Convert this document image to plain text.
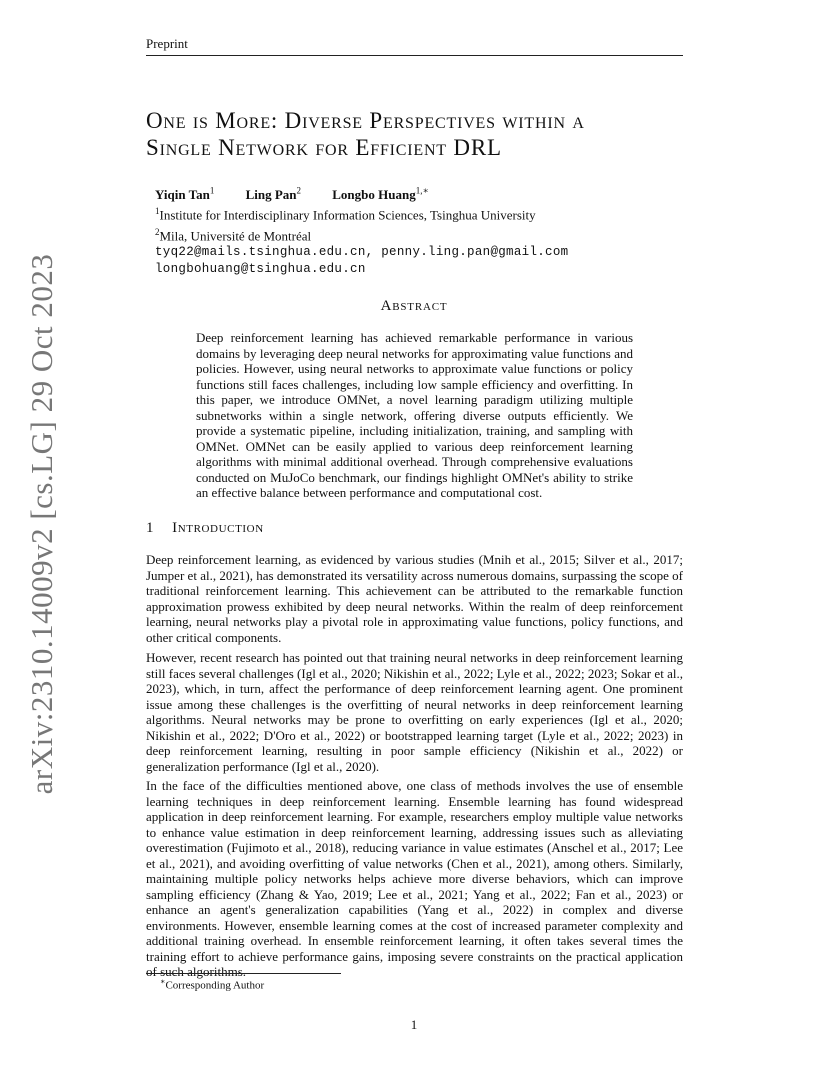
Preprint
arXiv:2310.14009v2 [cs.LG] 29 Oct 2023
One is More: Diverse Perspectives within a
Single Network for Efficient DRL
Yiqin Tan$^1$ Ling Pan$^2$ Longbo Huang$^{1,∗}$
$^1$Institute for Interdisciplinary Information Sciences, Tsinghua University
$^2$Mila, Université de Montréal
tyq22@mails.tsinghua.edu.cn, penny.ling.pan@gmail.com
longbohuang@tsinghua.edu.cn
Abstract
Deep reinforcement learning has achieved remarkable performance in various domains by leveraging deep neural networks for approximating value functions and policies. However, using neural networks to approximate value functions or policy functions still faces challenges, including low sample efficiency and overfitting. In this paper, we introduce OMNet, a novel learning paradigm utilizing multiple subnetworks within a single network, offering diverse outputs efficiently. We provide a systematic pipeline, including initialization, training, and sampling with OMNet. OMNet can be easily applied to various deep reinforcement learning algorithms with minimal additional overhead. Through comprehensive evaluations conducted on MuJoCo benchmark, our findings highlight OMNet's ability to strike an effective balance between performance and computational cost.
1 Introduction
Deep reinforcement learning, as evidenced by various studies (Mnih et al., 2015; Silver et al., 2017; Jumper et al., 2021), has demonstrated its versatility across numerous domains, surpassing the scope of traditional reinforcement learning. This achievement can be attributed to the remarkable function approximation prowess exhibited by deep neural networks. Within the realm of deep reinforcement learning, neural networks play a pivotal role in approximating value functions, policy functions, and other critical components.
However, recent research has pointed out that training neural networks in deep reinforcement learning still faces several challenges (Igl et al., 2020; Nikishin et al., 2022; Lyle et al., 2022; 2023; Sokar et al., 2023), which, in turn, affect the performance of deep reinforcement learning agent. One prominent issue among these challenges is the overfitting of neural networks in deep reinforcement learning algorithms. Neural networks may be prone to overfitting on early experiences (Igl et al., 2020; Nikishin et al., 2022; D'Oro et al., 2022) or bootstrapped learning target (Lyle et al., 2022; 2023) in deep reinforcement learning, resulting in poor sample efficiency (Nikishin et al., 2022) or generalization performance (Igl et al., 2020).
In the face of the difficulties mentioned above, one class of methods involves the use of ensemble learning techniques in deep reinforcement learning. Ensemble learning has found widespread application in deep reinforcement learning. For example, researchers employ multiple value networks to enhance value estimation in deep reinforcement learning, addressing issues such as alleviating overestimation (Fujimoto et al., 2018), reducing variance in value estimates (Anschel et al., 2017; Lee et al., 2021), and avoiding overfitting of value networks (Chen et al., 2021), among others. Similarly, maintaining multiple policy networks helps achieve more diverse behaviors, which can improve sampling efficiency (Zhang & Yao, 2019; Lee et al., 2021; Yang et al., 2022; Fan et al., 2023) or enhance an agent's generalization capabilities (Yang et al., 2022) in complex and diverse environments. However, ensemble learning comes at the cost of increased parameter complexity and additional training overhead. In ensemble reinforcement learning, it often takes several times the training effort to achieve performance gains, imposing severe constraints on the practical application of such algorithms.
∗Corresponding Author
1
